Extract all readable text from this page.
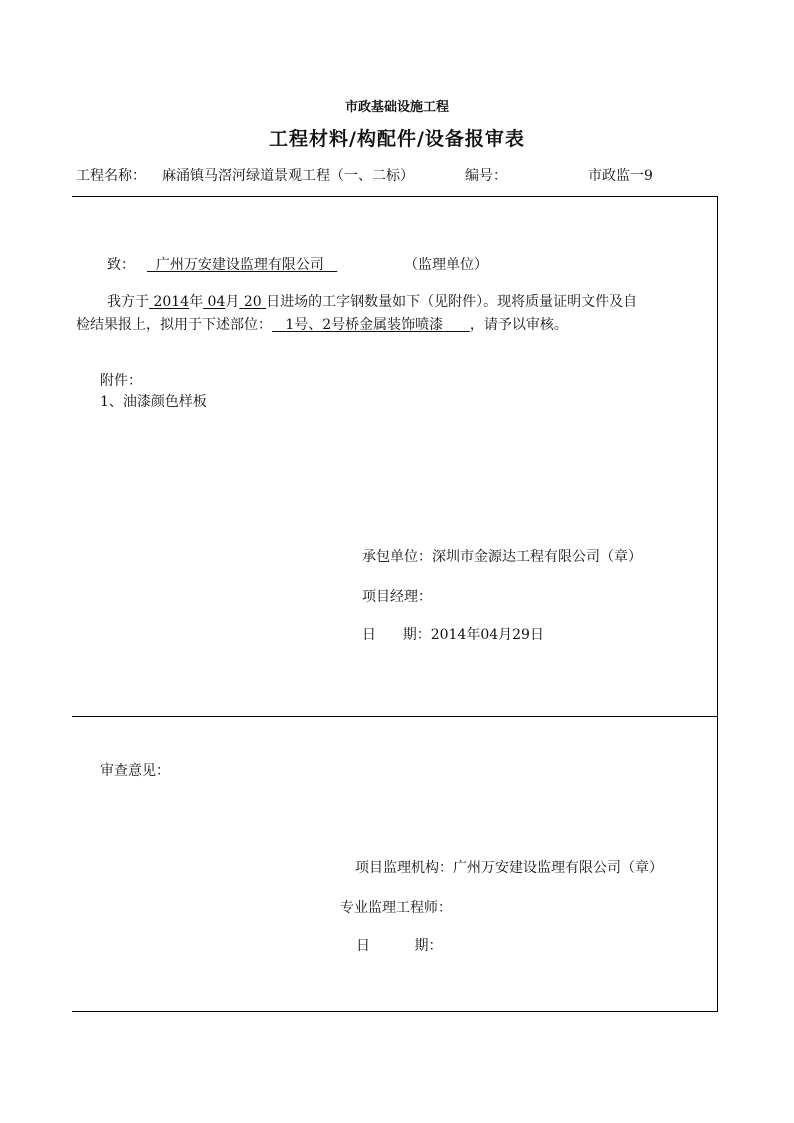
市政基础设施工程
工程材料/构配件/设备报审表
工程名称： 麻涌镇马滘河绿道景观工程（一、二标）	编号：	市政监一9
致：	广州万安建设监理有限公司	（监理单位）
我方于 2014年 04月 20 日进场的工字钢数量如下（见附件）。现将质量证明文件及自
检结果报上，拟用于下述部位： 1号、2号桥金属装饰喷漆 ，请予以审核。
附件：
1、油漆颜色样板
承包单位：深圳市金源达工程有限公司（章）
项目经理：
日      期：2014年04月29日
审查意见：
项目监理机构：广州万安建设监理有限公司（章）
专业监理工程师：
日          期：
